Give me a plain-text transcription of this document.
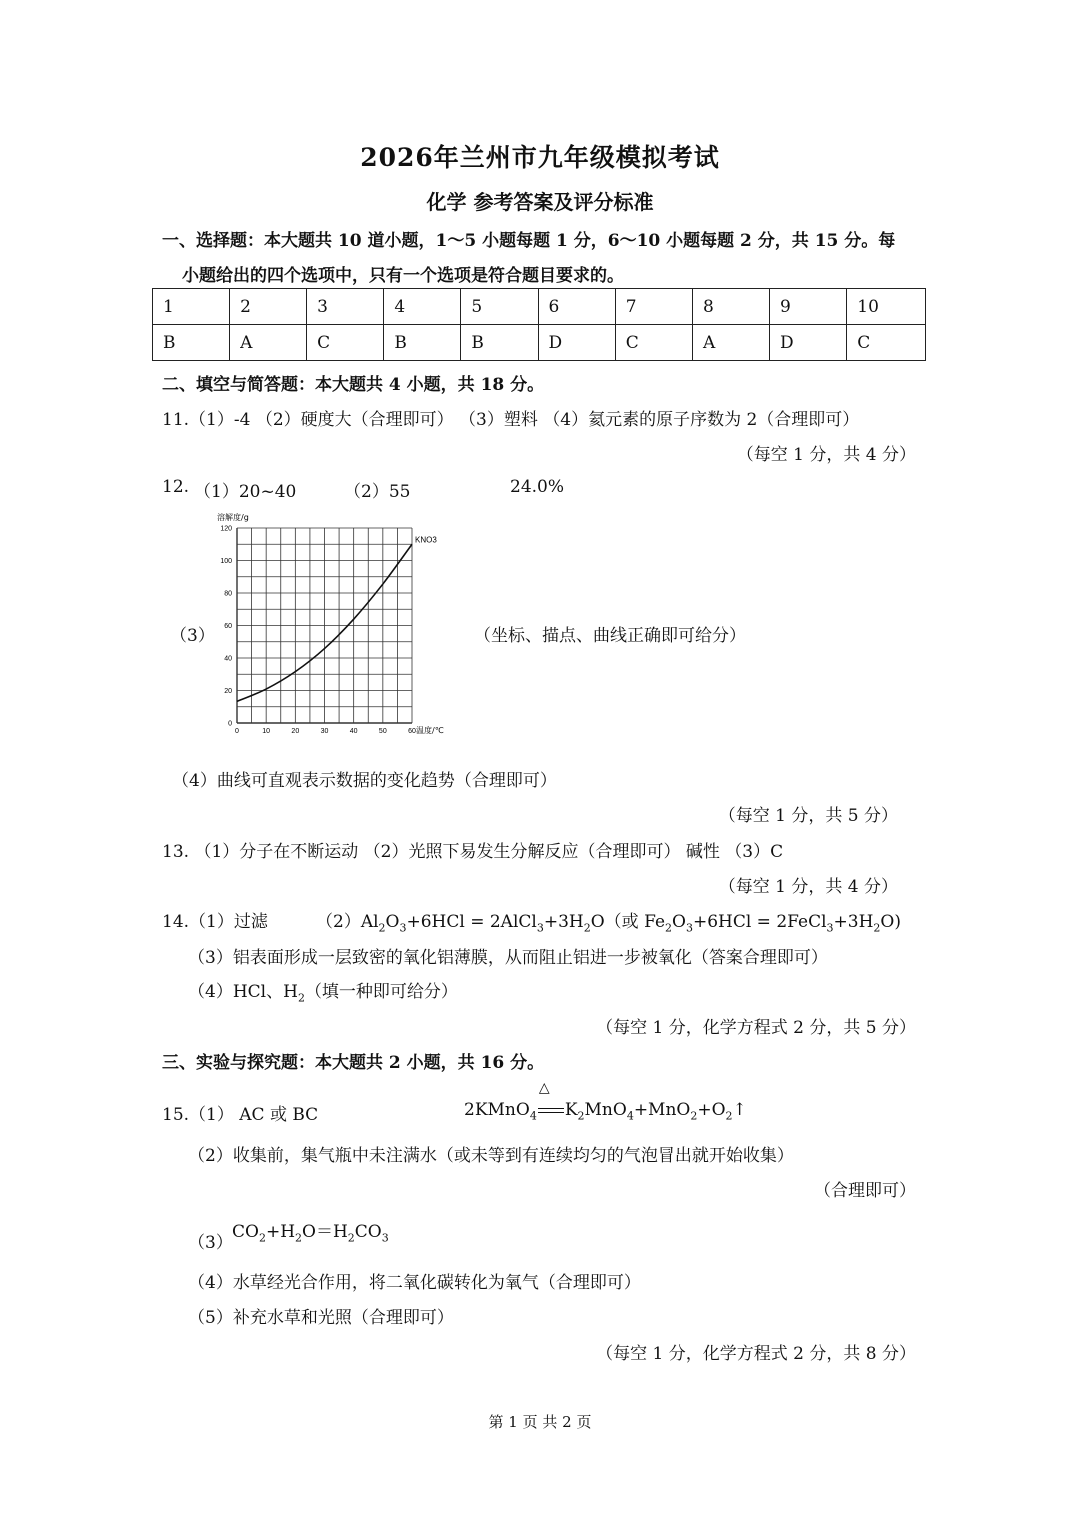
2026年兰州市九年级模拟考试
化学 参考答案及评分标准
一、选择题：本大题共 10 道小题，1～5 小题每题 1 分，6～10 小题每题 2 分，共 15 分。每
小题给出的四个选项中，只有一个选项是符合题目要求的。
1	2	3	4	5	6	7	8	9	10
B	A	C	B	B	D	C	A	D	C
二、填空与简答题：本大题共 4 小题，共 18 分。
11.（1）-4 （2）硬度大（合理即可） （3）塑料 （4）氦元素的原子序数为 2（合理即可）
（每空 1 分，共 4 分）
12. （1）20~40	（2）55	24.0%
（3）
0	10	20	30	40	50	60
0
20
40
60
80
100
120
溶解度/g
温度/℃
KNO3
（坐标、描点、曲线正确即可给分）
（4）曲线可直观表示数据的变化趋势（合理即可）
（每空 1 分，共 5 分）
13. （1）分子在不断运动 （2）光照下易发生分解反应（合理即可） 碱性 （3）C
（每空 1 分，共 4 分）
14.（1）过滤	$(2)Al_2O_3+6HCl$ = $2AlCl_3+3H_2O$（或 $Fe_2O_3+6HCl$ = $2FeCl_3+3H_2O$)
（3）铝表面形成一层致密的氧化铝薄膜，从而阻止铝进一步被氧化（答案合理即可）
（4）HCl、$H_2$（填一种即可给分）
（每空 1 分，化学方程式 2 分，共 5 分）
三、实验与探究题：本大题共 2 小题，共 16 分。
15.（1） AC 或 BC	2KMnO$_4$
△
$K_2MnO_4+MnO_2+O_2↑$
（2）收集前，集气瓶中未注满水（或未等到有连续均匀的气泡冒出就开始收集）
（合理即可）
（3）
$CO_2+H_2O=H_2CO_3$
（4）水草经光合作用，将二氧化碳转化为氧气（合理即可）
（5）补充水草和光照（合理即可）
（每空 1 分，化学方程式 2 分，共 8 分）
第 1 页 共 2 页
